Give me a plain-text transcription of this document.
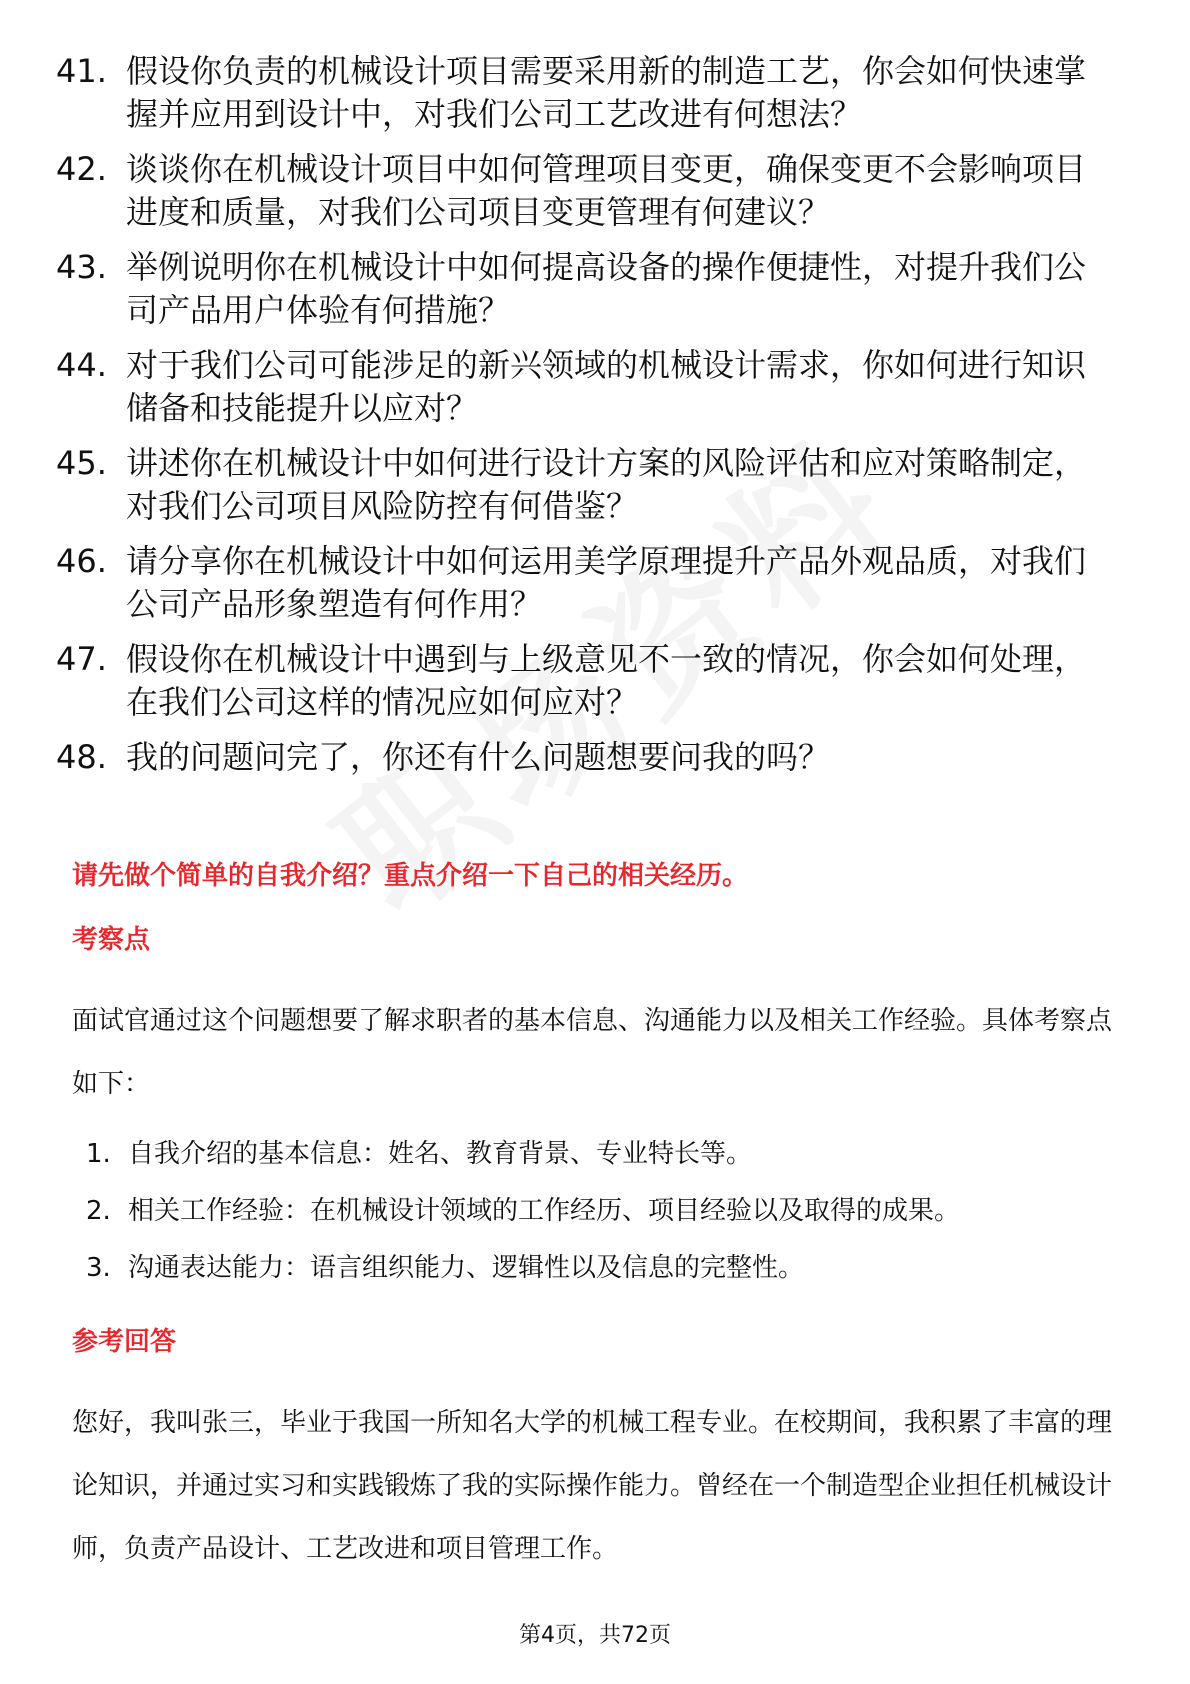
41. 假设你负责的机械设计项目需要采用新的制造工艺，你会如何快速掌握并应用到设计中，对我们公司工艺改进有何想法？
42. 谈谈你在机械设计项目中如何管理项目变更，确保变更不会影响项目进度和质量，对我们公司项目变更管理有何建议？
43. 举例说明你在机械设计中如何提高设备的操作便捷性，对提升我们公司产品用户体验有何措施？
44. 对于我们公司可能涉足的新兴领域的机械设计需求，你如何进行知识储备和技能提升以应对？
45. 讲述你在机械设计中如何进行设计方案的风险评估和应对策略制定，对我们公司项目风险防控有何借鉴？
46. 请分享你在机械设计中如何运用美学原理提升产品外观品质，对我们公司产品形象塑造有何作用？
47. 假设你在机械设计中遇到与上级意见不一致的情况，你会如何处理，在我们公司这样的情况应如何应对？
48. 我的问题问完了，你还有什么问题想要问我的吗？
请先做个简单的自我介绍？重点介绍一下自己的相关经历。
考察点

面试官通过这个问题想要了解求职者的基本信息、沟通能力以及相关工作经验。具体考察点如下：

1. 自我介绍的基本信息：姓名、教育背景、专业特长等。
2. 相关工作经验：在机械设计领域的工作经历、项目经验以及取得的成果。
3. 沟通表达能力：语言组织能力、逻辑性以及信息的完整性。
参考回答

您好，我叫张三，毕业于我国一所知名大学的机械工程专业。在校期间，我积累了丰富的理论知识，并通过实习和实践锻炼了我的实际操作能力。曾经在一个制造型企业担任机械设计师，负责产品设计、工艺改进和项目管理工作。

第4页，共72页
